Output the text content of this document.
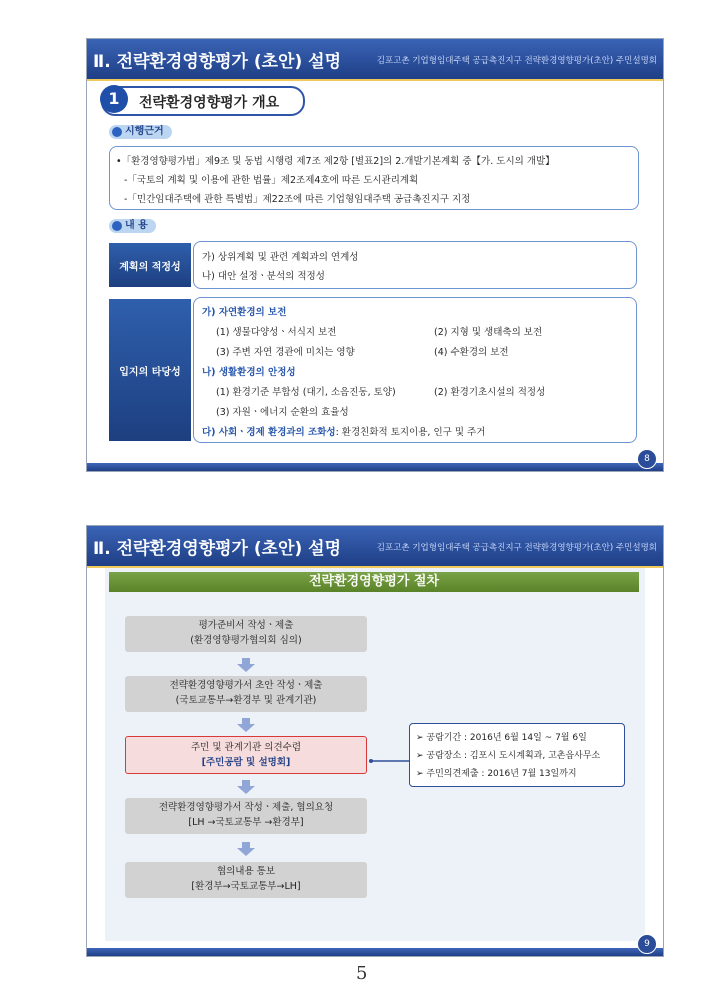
Ⅱ. 전략환경영향평가 (초안) 설명	김포고촌 기업형임대주택 공급촉진지구 전략환경영향평가(초안) 주민설명회
1	전략환경영향평가 개요
시행근거
•「환경영향평가법」제9조 및 동법 시행령 제7조 제2항 [별표2]의 2.개발기본계획 중【가. 도시의 개발】
-「국토의 계획 및 이용에 관한 법률」제2조제4호에 따른 도시관리계획
-「민간임대주택에 관한 특별법」제22조에 따른 기업형임대주택 공급촉진지구 지정
내 용
계획의 적정성
가) 상위계획 및 관련 계획과의 연계성
나) 대안 설정ㆍ분석의 적정성
입지의 타당성
가) 자연환경의 보전
(1) 생물다양성ㆍ서식지 보전	(2) 지형 및 생태축의 보전
(3) 주변 자연 경관에 미치는 영향	(4) 수환경의 보전
나) 생활환경의 안정성
(1) 환경기준 부합성 (대기, 소음진동, 토양)	(2) 환경기초시설의 적정성
(3) 자원ㆍ에너지 순환의 효율성
다) 사회ㆍ경제 환경과의 조화성: 환경친화적 토지이용, 인구 및 주거
8
Ⅱ. 전략환경영향평가 (초안) 설명	김포고촌 기업형임대주택 공급촉진지구 전략환경영향평가(초안) 주민설명회
전략환경영향평가 절차
평가준비서 작성ㆍ제출
(환경영향평가협의회 심의)
전략환경영향평가서 초안 작성ㆍ제출
(국토교통부→환경부 및 관계기관)
주민 및 관계기관 의견수렴
[주민공람 및 설명회]
전략환경영향평가서 작성ㆍ제출, 협의요청
[LH →국토교통부 →환경부]
협의내용 통보
[환경부→국토교통부→LH]
➢ 공람기간 : 2016년 6월 14일 ~ 7월 6일
➢ 공람장소 : 김포시 도시계획과, 고촌읍사무소
➢ 주민의견제출 : 2016년 7월 13일까지
9
5
